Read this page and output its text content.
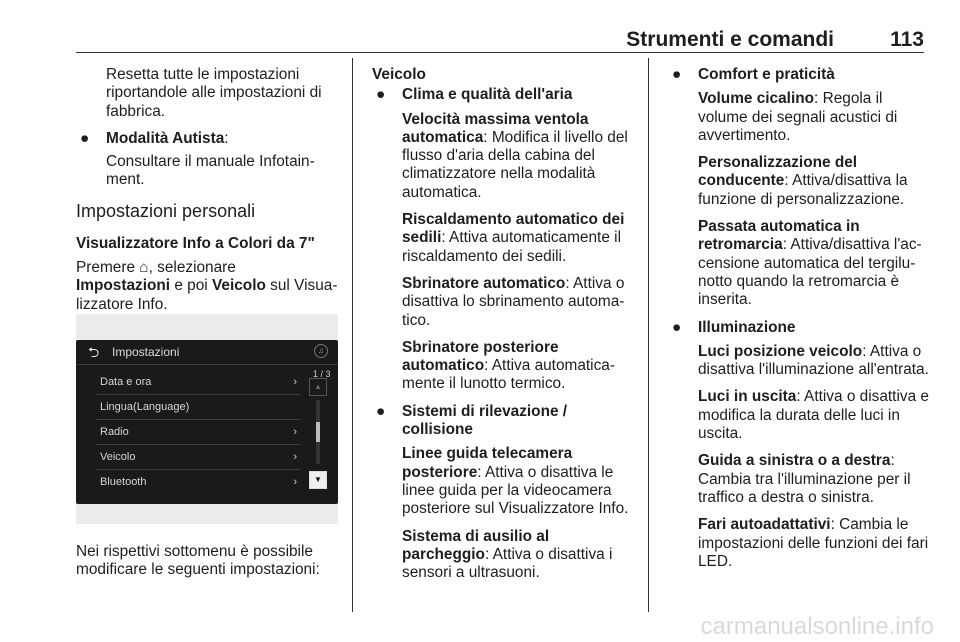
Strumenti e comandi	113

Resetta tutte le impostazioni riportandole alle impostazioni di fabbrica.

● Modalità Autista:

Consultare il manuale Infotainment.

Impostazioni personali
Visualizzatore Info a Colori da 7"

Premere ⌂, selezionare
Impostazioni e poi Veicolo sul Visualizzatore Info.

⮌ Impostazioni	♫
Data e ora	›
Lingua(Language)
Radio	›
Veicolo	›
Bluetooth	›
1 / 3
▲
▼

Nei rispettivi sottomenu è possibile modificare le seguenti impostazioni:

Veicolo
● Clima e qualità dell'aria

Velocità massima ventola automatica: Modifica il livello del flusso d'aria della cabina del climatizzatore nella modalità automatica.

Riscaldamento automatico dei sedili: Attiva automaticamente il riscaldamento dei sedili.

Sbrinatore automatico: Attiva o disattiva lo sbrinamento automatico.

Sbrinatore posteriore automatico: Attiva automaticamente il lunotto termico.

● Sistemi di rilevazione / collisione

Linee guida telecamera posteriore: Attiva o disattiva le linee guida per la videocamera posteriore sul Visualizzatore Info.

Sistema di ausilio al parcheggio: Attiva o disattiva i sensori a ultrasuoni.

● Comfort e praticità

Volume cicalino: Regola il volume dei segnali acustici di avvertimento.

Personalizzazione del conducente: Attiva/disattiva la funzione di personalizzazione.

Passata automatica in retromarcia: Attiva/disattiva l'accensione automatica del tergilunotto quando la retromarcia è inserita.

● Illuminazione

Luci posizione veicolo: Attiva o disattiva l'illuminazione all'entrata.

Luci in uscita: Attiva o disattiva e modifica la durata delle luci in uscita.

Guida a sinistra o a destra: Cambia tra l'illuminazione per il traffico a destra o sinistra.

Fari autoadattativi: Cambia le impostazioni delle funzioni dei fari LED.

carmanualsonline.info
